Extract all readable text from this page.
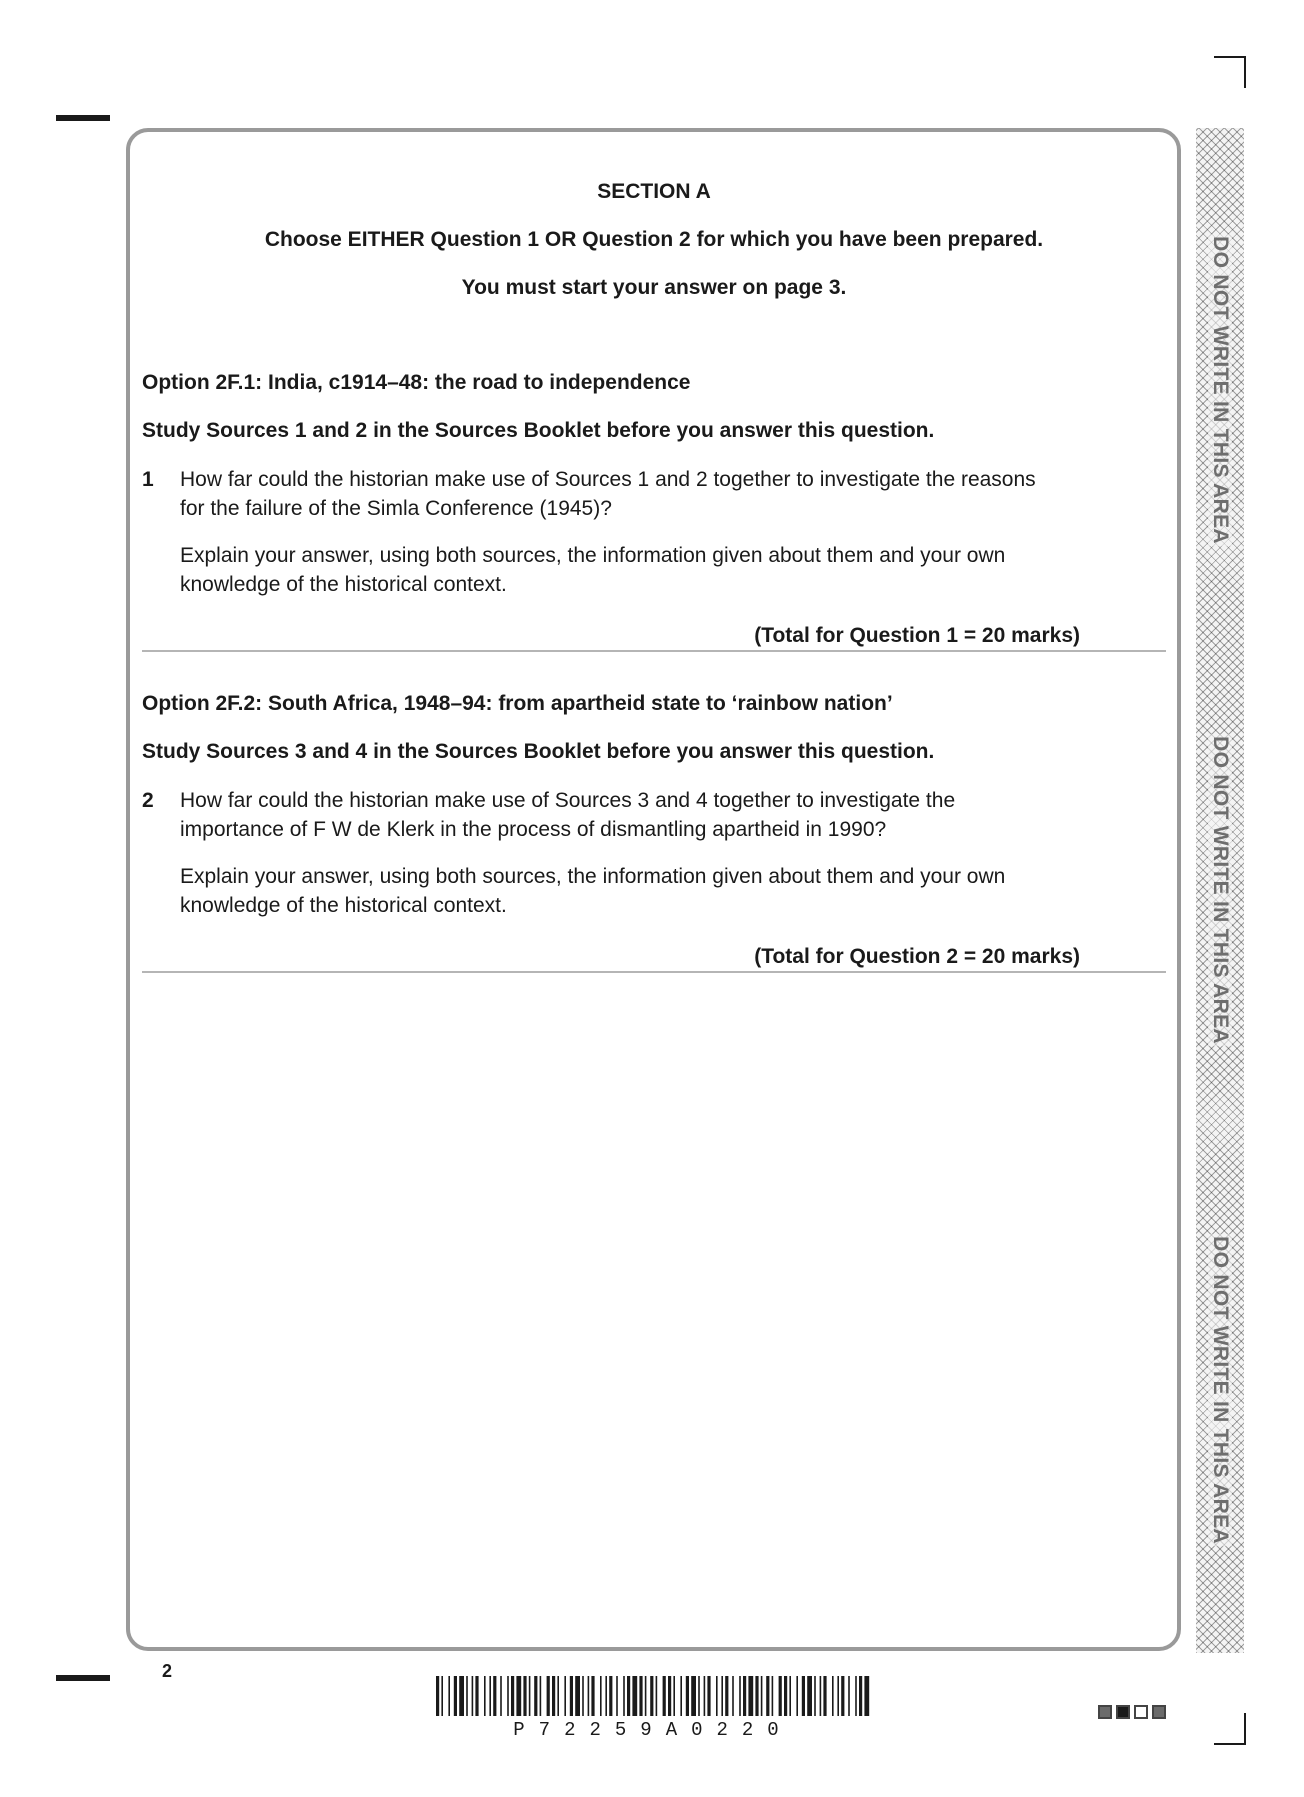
SECTION A

Choose EITHER Question 1 OR Question 2 for which you have been prepared.

You must start your answer on page 3.

Option 2F.1: India, c1914–48: the road to independence

Study Sources 1 and 2 in the Sources Booklet before you answer this question.

1 How far could the historian make use of Sources 1 and 2 together to investigate the reasons for the failure of the Simla Conference (1945)?
Explain your answer, using both sources, the information given about them and your own knowledge of the historical context.
(Total for Question 1 = 20 marks)

Option 2F.2: South Africa, 1948–94: from apartheid state to ‘rainbow nation’

Study Sources 3 and 4 in the Sources Booklet before you answer this question.

2 How far could the historian make use of Sources 3 and 4 together to investigate the importance of F W de Klerk in the process of dismantling apartheid in 1990?
Explain your answer, using both sources, the information given about them and your own knowledge of the historical context.
(Total for Question 2 = 20 marks)
DO NOT WRITE IN THIS AREA
DO NOT WRITE IN THIS AREA
DO NOT WRITE IN THIS AREA
2
P72259A0220
